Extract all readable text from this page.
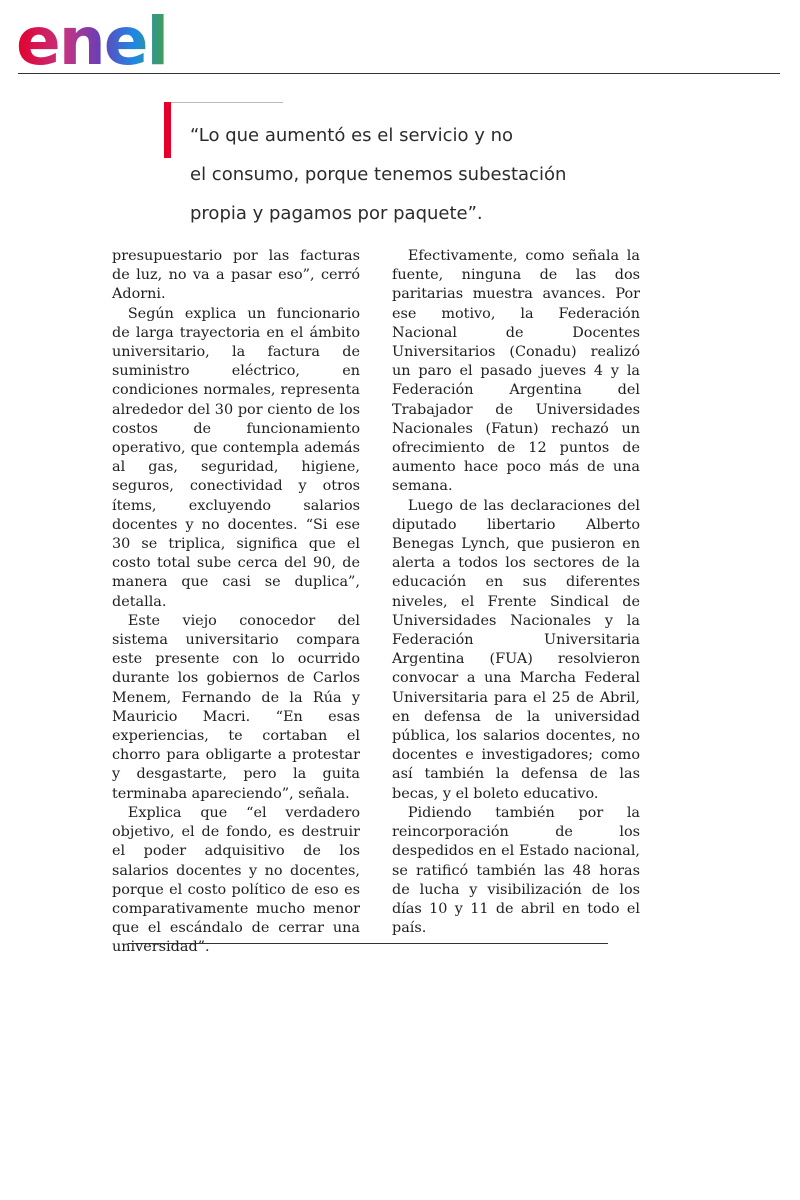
enel

“Lo que aumentó es el servicio y no
el consumo, porque tenemos subestación
propia y pagamos por paquete”.

presupuestario por las facturas de luz, no va a pasar eso”, cerró Adorni.

Según explica un funcionario de larga trayectoria en el ámbito universitario, la factura de suministro eléctrico, en condiciones normales, representa alrededor del 30 por ciento de los costos de funcionamiento operativo, que contempla además al gas, seguridad, higiene, seguros, conectividad y otros ítems, excluyendo salarios docentes y no docentes. “Si ese 30 se triplica, significa que el costo total sube cerca del 90, de manera que casi se duplica”, detalla.

Este viejo conocedor del sistema universitario compara este presente con lo ocurrido durante los gobiernos de Carlos Menem, Fernando de la Rúa y Mauricio Macri. “En esas experiencias, te cortaban el chorro para obligarte a protestar y desgastarte, pero la guita terminaba apareciendo”, señala.

Explica que “el verdadero objetivo, el de fondo, es destruir el poder adquisitivo de los salarios docentes y no docentes, porque el costo político de eso es comparativamente mucho menor que el escándalo de cerrar una universidad”.

Efectivamente, como señala la fuente, ninguna de las dos paritarias muestra avances. Por ese motivo, la Federación Nacional de Docentes Universitarios (Conadu) realizó un paro el pasado jueves 4 y la Federación Argentina del Trabajador de Universidades Nacionales (Fatun) rechazó un ofrecimiento de 12 puntos de aumento hace poco más de una semana.

Luego de las declaraciones del diputado libertario Alberto Benegas Lynch, que pusieron en alerta a todos los sectores de la educación en sus diferentes niveles, el Frente Sindical de Universidades Nacionales y la Federación Universitaria Argentina (FUA) resolvieron convocar a una Marcha Federal Universitaria para el 25 de Abril, en defensa de la universidad pública, los salarios docentes, no docentes e investigadores; como así también la defensa de las becas, y el boleto educativo.

Pidiendo también por la reincorporación de los despedidos en el Estado nacional, se ratificó también las 48 horas de lucha y visibilización de los días 10 y 11 de abril en todo el país.
